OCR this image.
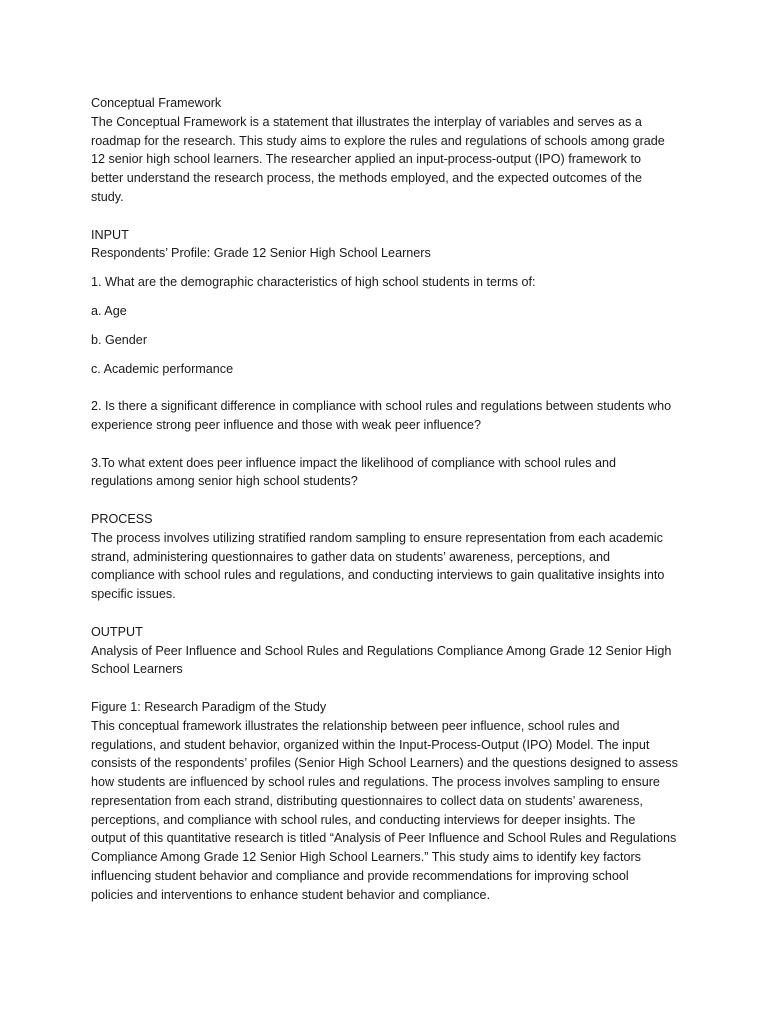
Conceptual Framework

The Conceptual Framework is a statement that illustrates the interplay of variables and serves as a

roadmap for the research. This study aims to explore the rules and regulations of schools among grade

12 senior high school learners. The researcher applied an input-process-output (IPO) framework to

better understand the research process, the methods employed, and the expected outcomes of the

study.

INPUT

Respondents’ Profile: Grade 12 Senior High School Learners

1. What are the demographic characteristics of high school students in terms of:

a. Age

b. Gender

c. Academic performance

2. Is there a significant difference in compliance with school rules and regulations between students who

experience strong peer influence and those with weak peer influence?

3.To what extent does peer influence impact the likelihood of compliance with school rules and

regulations among senior high school students?

PROCESS

The process involves utilizing stratified random sampling to ensure representation from each academic

strand, administering questionnaires to gather data on students’ awareness, perceptions, and

compliance with school rules and regulations, and conducting interviews to gain qualitative insights into

specific issues.

OUTPUT

Analysis of Peer Influence and School Rules and Regulations Compliance Among Grade 12 Senior High

School Learners

Figure 1: Research Paradigm of the Study

This conceptual framework illustrates the relationship between peer influence, school rules and

regulations, and student behavior, organized within the Input-Process-Output (IPO) Model. The input

consists of the respondents’ profiles (Senior High School Learners) and the questions designed to assess

how students are influenced by school rules and regulations. The process involves sampling to ensure

representation from each strand, distributing questionnaires to collect data on students’ awareness,

perceptions, and compliance with school rules, and conducting interviews for deeper insights. The

output of this quantitative research is titled “Analysis of Peer Influence and School Rules and Regulations

Compliance Among Grade 12 Senior High School Learners.” This study aims to identify key factors

influencing student behavior and compliance and provide recommendations for improving school

policies and interventions to enhance student behavior and compliance.
